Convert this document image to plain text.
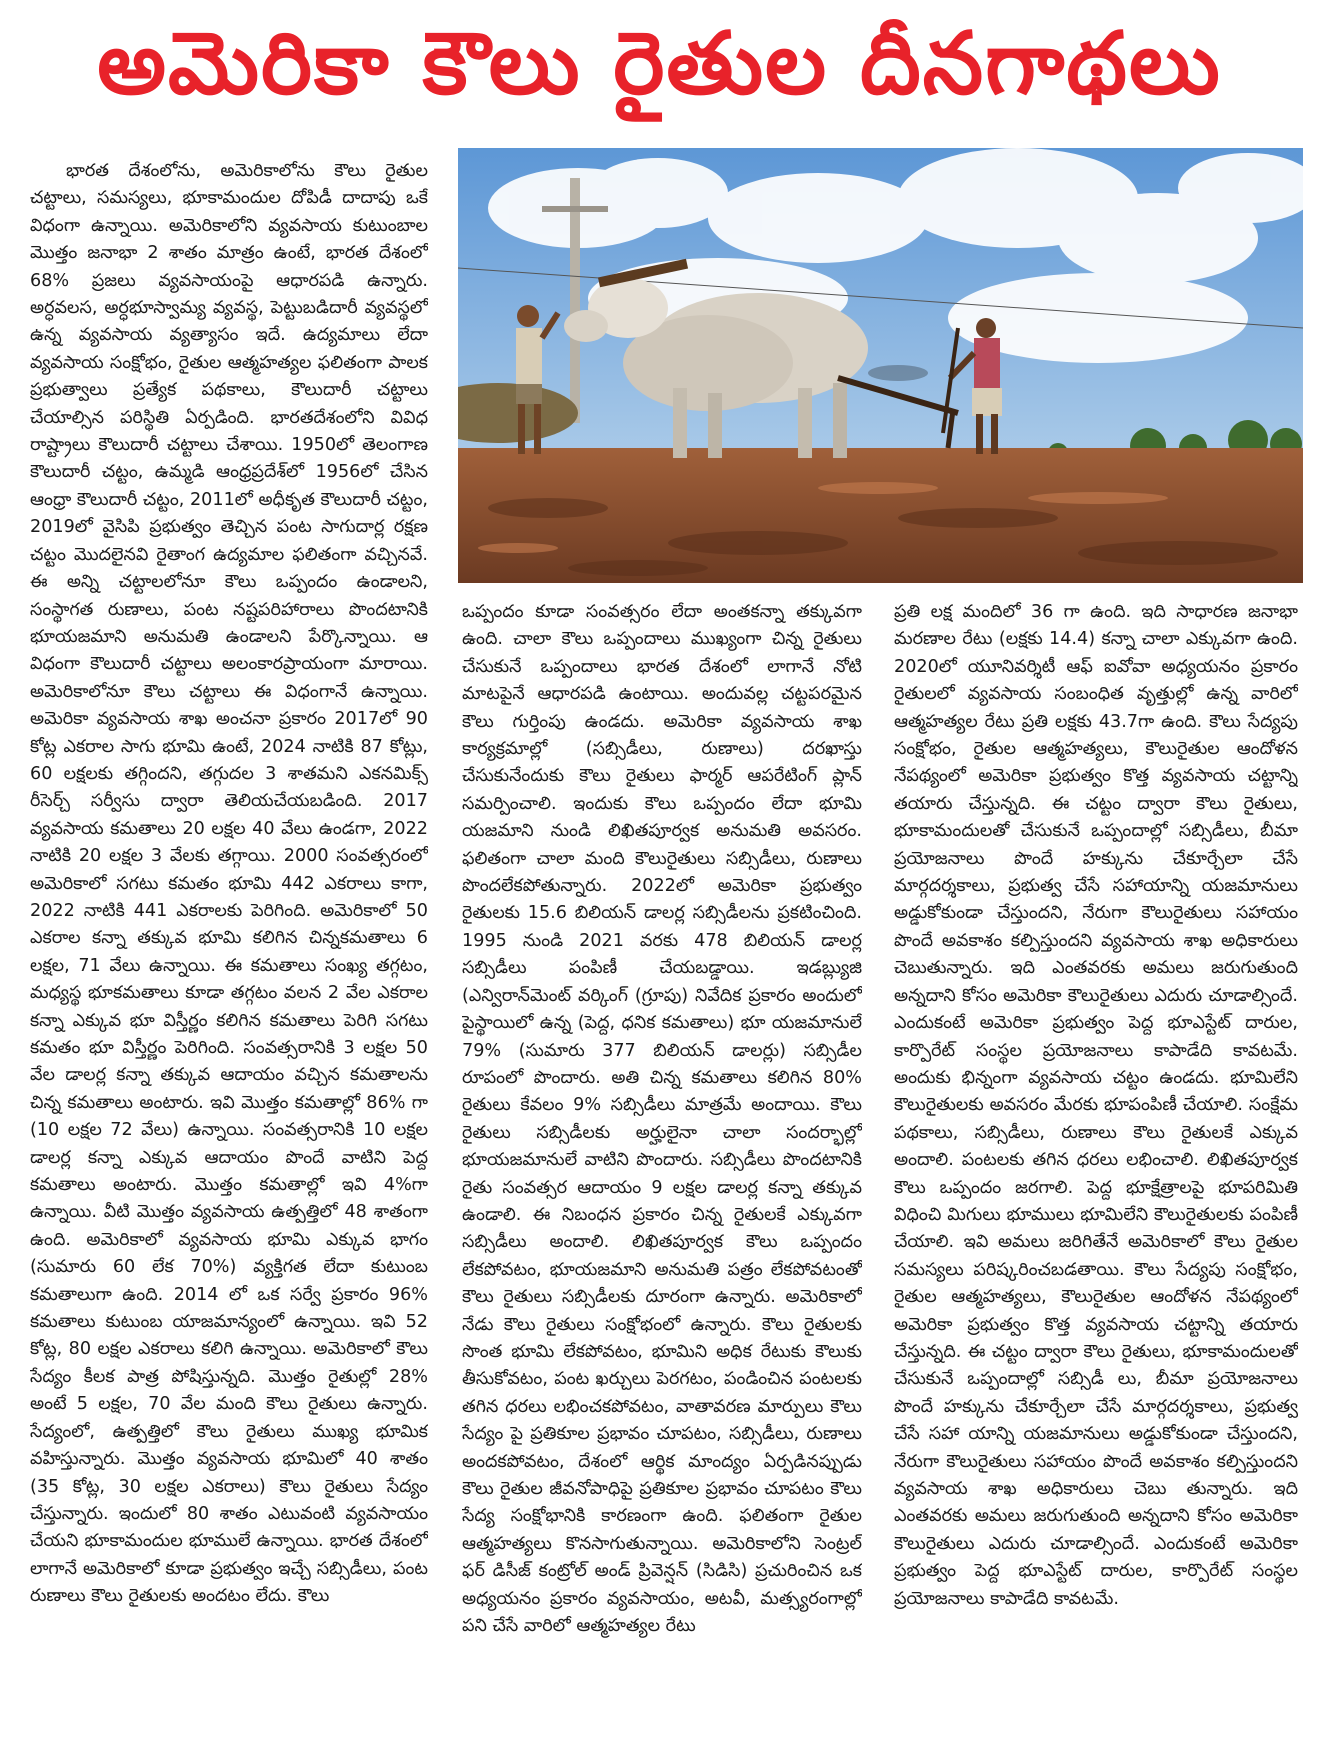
అమెరికా కౌలు రైతుల దీనగాథలు

భారత దేశంలోను, అమెరికాలోను కౌలు రైతుల చట్టాలు, సమస్యలు, భూకామందుల దోపిడీ దాదాపు ఒకే విధంగా ఉన్నాయి. అమెరికాలోని వ్యవసాయ కుటుంబాల మొత్తం జనాభా 2 శాతం మాత్రం ఉంటే, భారత దేశంలో 68% ప్రజలు వ్యవసాయంపై ఆధారపడి ఉన్నారు. అర్ధవలస, అర్ధభూస్వామ్య వ్యవస్థ, పెట్టుబడిదారీ వ్యవస్థలో ఉన్న వ్యవసాయ వ్యత్యాసం ఇదే. ఉద్యమాలు లేదా వ్యవసాయ సంక్షోభం, రైతుల ఆత్మహత్యల ఫలితంగా పాలక ప్రభుత్వాలు ప్రత్యేక పథకాలు, కౌలుదారీ చట్టాలు చేయాల్సిన పరిస్థితి ఏర్పడింది. భారతదేశంలోని వివిధ రాష్ట్రాలు కౌలుదారీ చట్టాలు చేశాయి. 1950లో తెలంగాణ కౌలుదారీ చట్టం, ఉమ్మడి ఆంధ్రప్రదేశ్‌లో 1956లో చేసిన ఆంధ్రా కౌలుదారీ చట్టం, 2011లో అధీకృత కౌలుదారీ చట్టం, 2019లో వైసిపి ప్రభుత్వం తెచ్చిన పంట సాగుదార్ల రక్షణ చట్టం మొదలైనవి రైతాంగ ఉద్యమాల ఫలితంగా వచ్చినవే. ఈ అన్ని చట్టాలలోనూ కౌలు ఒప్పందం ఉండాలని, సంస్థాగత రుణాలు, పంట నష్టపరిహారాలు పొందటానికి భూయజమాని అనుమతి ఉండాలని పేర్కొన్నాయి. ఆ విధంగా కౌలుదారీ చట్టాలు అలంకారప్రాయంగా మారాయి. అమెరికాలోనూ కౌలు చట్టాలు ఈ విధంగానే ఉన్నాయి. అమెరికా వ్యవసాయ శాఖ అంచనా ప్రకారం 2017లో 90 కోట్ల ఎకరాల సాగు భూమి ఉంటే, 2024 నాటికి 87 కోట్లు, 60 లక్షలకు తగ్గిందని, తగ్గుదల 3 శాతమని ఎకనమిక్స్ రీసెర్చ్ సర్వీసు ద్వారా తెలియచేయబడింది. 2017 వ్యవసాయ కమతాలు 20 లక్షల 40 వేలు ఉండగా, 2022 నాటికి 20 లక్షల 3 వేలకు తగ్గాయి. 2000 సంవత్సరంలో అమెరికాలో సగటు కమతం భూమి 442 ఎకరాలు కాగా, 2022 నాటికి 441 ఎకరాలకు పెరిగింది. అమెరికాలో 50 ఎకరాల కన్నా తక్కువ భూమి కలిగిన చిన్నకమతాలు 6 లక్షల, 71 వేలు ఉన్నాయి. ఈ కమతాలు సంఖ్య తగ్గటం, మధ్యస్థ భూకమతాలు కూడా తగ్గటం వలన 2 వేల ఎకరాల కన్నా ఎక్కువ భూ విస్తీర్ణం కలిగిన కమతాలు పెరిగి సగటు కమతం భూ విస్తీర్ణం పెరిగింది. సంవత్సరానికి 3 లక్షల 50 వేల డాలర్ల కన్నా తక్కువ ఆదాయం వచ్చిన కమతాలను చిన్న కమతాలు అంటారు. ఇవి మొత్తం కమతాల్లో 86% గా (10 లక్షల 72 వేలు) ఉన్నాయి. సంవత్సరానికి 10 లక్షల డాలర్ల కన్నా ఎక్కువ ఆదాయం పొందే వాటిని పెద్ద కమతాలు అంటారు. మొత్తం కమతాల్లో ఇవి 4%గా ఉన్నాయి. వీటి మొత్తం వ్యవసాయ ఉత్పత్తిలో 48 శాతంగా ఉంది. అమెరికాలో వ్యవసాయ భూమి ఎక్కువ భాగం (సుమారు 60 లేక 70%) వ్యక్తిగత లేదా కుటుంబ కమతాలుగా ఉంది. 2014 లో ఒక సర్వే ప్రకారం 96% కమతాలు కుటుంబ యాజమాన్యంలో ఉన్నాయి. ఇవి 52 కోట్ల, 80 లక్షల ఎకరాలు కలిగి ఉన్నాయి. అమెరికాలో కౌలు సేద్యం కీలక పాత్ర పోషిస్తున్నది. మొత్తం రైతుల్లో 28% అంటే 5 లక్షల, 70 వేల మంది కౌలు రైతులు ఉన్నారు. సేద్యంలో, ఉత్పత్తిలో కౌలు రైతులు ముఖ్య భూమిక వహిస్తున్నారు. మొత్తం వ్యవసాయ భూమిలో 40 శాతం (35 కోట్ల, 30 లక్షల ఎకరాలు) కౌలు రైతులు సేద్యం చేస్తున్నారు. ఇందులో 80 శాతం ఎటువంటి వ్యవసాయం చేయని భూకామందుల భూములే ఉన్నాయి. భారత దేశంలో లాగానే అమెరికాలో కూడా ప్రభుత్వం ఇచ్చే సబ్సిడీలు, పంట రుణాలు కౌలు రైతులకు అందటం లేదు. కౌలు

ఒప్పందం కూడా సంవత్సరం లేదా అంతకన్నా తక్కువగా ఉంది. చాలా కౌలు ఒప్పందాలు ముఖ్యంగా చిన్న రైతులు చేసుకునే ఒప్పందాలు భారత దేశంలో లాగానే నోటి మాటపైనే ఆధారపడి ఉంటాయి. అందువల్ల చట్టపరమైన కౌలు గుర్తింపు ఉండదు. అమెరికా వ్యవసాయ శాఖ కార్యక్రమాల్లో (సబ్సిడీలు, రుణాలు) దరఖాస్తు చేసుకునేందుకు కౌలు రైతులు ఫార్మర్ ఆపరేటింగ్ ప్లాన్ సమర్పించాలి. ఇందుకు కౌలు ఒప్పందం లేదా భూమి యజమాని నుండి లిఖితపూర్వక అనుమతి అవసరం. ఫలితంగా చాలా మంది కౌలురైతులు సబ్సిడీలు, రుణాలు పొందలేకపోతున్నారు. 2022లో అమెరికా ప్రభుత్వం రైతులకు 15.6 బిలియన్ డాలర్ల సబ్సిడీలను ప్రకటించింది. 1995 నుండి 2021 వరకు 478 బిలియన్ డాలర్ల సబ్సిడీలు పంపిణీ చేయబడ్డాయి. ఇడబ్ల్యుజి (ఎన్విరాన్‌మెంట్ వర్కింగ్ (గ్రూపు) నివేదిక ప్రకారం అందులో పైస్థాయిలో ఉన్న (పెద్ద, ధనిక కమతాలు) భూ యజమానులే 79% (సుమారు 377 బిలియన్ డాలర్లు) సబ్సిడీల రూపంలో పొందారు. అతి చిన్న కమతాలు కలిగిన 80% రైతులు కేవలం 9% సబ్సిడీలు మాత్రమే అందాయి. కౌలు రైతులు సబ్సిడీలకు అర్హులైనా చాలా సందర్భాల్లో భూయజమానులే వాటిని పొందారు. సబ్సిడీలు పొందటానికి రైతు సంవత్సర ఆదాయం 9 లక్షల డాలర్ల కన్నా తక్కువ ఉండాలి. ఈ నిబంధన ప్రకారం చిన్న రైతులకే ఎక్కువగా సబ్సిడీలు అందాలి. లిఖితపూర్వక కౌలు ఒప్పందం లేకపోవటం, భూయజమాని అనుమతి పత్రం లేకపోవటంతో కౌలు రైతులు సబ్సిడీలకు దూరంగా ఉన్నారు. అమెరికాలో నేడు కౌలు రైతులు సంక్షోభంలో ఉన్నారు. కౌలు రైతులకు సొంత భూమి లేకపోవటం, భూమిని అధిక రేటుకు కౌలుకు తీసుకోవటం, పంట ఖర్చులు పెరగటం, పండించిన పంటలకు తగిన ధరలు లభించకపోవటం, వాతావరణ మార్పులు కౌలు సేద్యం పై ప్రతికూల ప్రభావం చూపటం, సబ్సిడీలు, రుణాలు అందకపోవటం, దేశంలో ఆర్థిక మాంద్యం ఏర్పడినప్పుడు కౌలు రైతుల జీవనోపాధిపై ప్రతికూల ప్రభావం చూపటం కౌలు సేద్య సంక్షోభానికి కారణంగా ఉంది. ఫలితంగా రైతుల ఆత్మహత్యలు కొనసాగుతున్నాయి. అమెరికాలోని సెంట్రల్ ఫర్ డిసీజ్ కంట్రోల్ అండ్ ప్రివెన్షన్ (సిడిసి) ప్రచురించిన ఒక అధ్యయనం ప్రకారం వ్యవసాయం, అటవీ, మత్స్యరంగాల్లో పని చేసే వారిలో ఆత్మహత్యల రేటు

ప్రతి లక్ష మందిలో 36 గా ఉంది. ఇది సాధారణ జనాభా మరణాల రేటు (లక్షకు 14.4) కన్నా చాలా ఎక్కువగా ఉంది. 2020లో యూనివర్శిటీ ఆఫ్ ఐవోవా అధ్యయనం ప్రకారం రైతులలో వ్యవసాయ సంబంధిత వృత్తుల్లో ఉన్న వారిలో ఆత్మహత్యల రేటు ప్రతి లక్షకు 43.7గా ఉంది. కౌలు సేద్యపు సంక్షోభం, రైతుల ఆత్మహత్యలు, కౌలురైతుల ఆందోళన నేపథ్యంలో అమెరికా ప్రభుత్వం కొత్త వ్యవసాయ చట్టాన్ని తయారు చేస్తున్నది. ఈ చట్టం ద్వారా కౌలు రైతులు, భూకామందులతో చేసుకునే ఒప్పందాల్లో సబ్సిడీలు, బీమా ప్రయోజనాలు పొందే హక్కును చేకూర్చేలా చేసే మార్గదర్శకాలు, ప్రభుత్వ చేసే సహాయాన్ని యజమానులు అడ్డుకోకుండా చేస్తుందని, నేరుగా కౌలురైతులు సహాయం పొందే అవకాశం కల్పిస్తుందని వ్యవసాయ శాఖ అధికారులు చెబుతున్నారు. ఇది ఎంతవరకు అమలు జరుగుతుంది అన్నదాని కోసం అమెరికా కౌలురైతులు ఎదురు చూడాల్సిందే. ఎందుకంటే అమెరికా ప్రభుత్వం పెద్ద భూఎస్టేట్ దారుల, కార్పొరేట్ సంస్థల ప్రయోజనాలు కాపాడేది కావటమే. అందుకు భిన్నంగా వ్యవసాయ చట్టం ఉండదు. భూమిలేని కౌలురైతులకు అవసరం మేరకు భూపంపిణీ చేయాలి. సంక్షేమ పథకాలు, సబ్సిడీలు, రుణాలు కౌలు రైతులకే ఎక్కువ అందాలి. పంటలకు తగిన ధరలు లభించాలి. లిఖితపూర్వక కౌలు ఒప్పందం జరగాలి. పెద్ద భూక్షేత్రాలపై భూపరిమితి విధించి మిగులు భూములు భూమిలేని కౌలురైతులకు పంపిణీ చేయాలి. ఇవి అమలు జరిగితేనే అమెరికాలో కౌలు రైతుల సమస్యలు పరిష్కరించబడతాయి. కౌలు సేద్యపు సంక్షోభం, రైతుల ఆత్మహత్యలు, కౌలురైతుల ఆందోళన నేపథ్యంలో అమెరికా ప్రభుత్వం కొత్త వ్యవసాయ చట్టాన్ని తయారు చేస్తున్నది. ఈ చట్టం ద్వారా కౌలు రైతులు, భూకామందులతో చేసుకునే ఒప్పందాల్లో సబ్సిడీ లు, బీమా ప్రయోజనాలు పొందే హక్కును చేకూర్చేలా చేసే మార్గదర్శకాలు, ప్రభుత్వ చేసే సహా యాన్ని యజమానులు అడ్డుకోకుండా చేస్తుందని, నేరుగా కౌలురైతులు సహాయం పొందే అవకాశం కల్పిస్తుందని వ్యవసాయ శాఖ అధికారులు చెబు తున్నారు. ఇది ఎంతవరకు అమలు జరుగుతుంది అన్నదాని కోసం అమెరికా కౌలురైతులు ఎదురు చూడాల్సిందే. ఎందుకంటే అమెరికా ప్రభుత్వం పెద్ద భూఎస్టేట్ దారుల, కార్పొరేట్ సంస్థల ప్రయోజనాలు కాపాడేది కావటమే.
